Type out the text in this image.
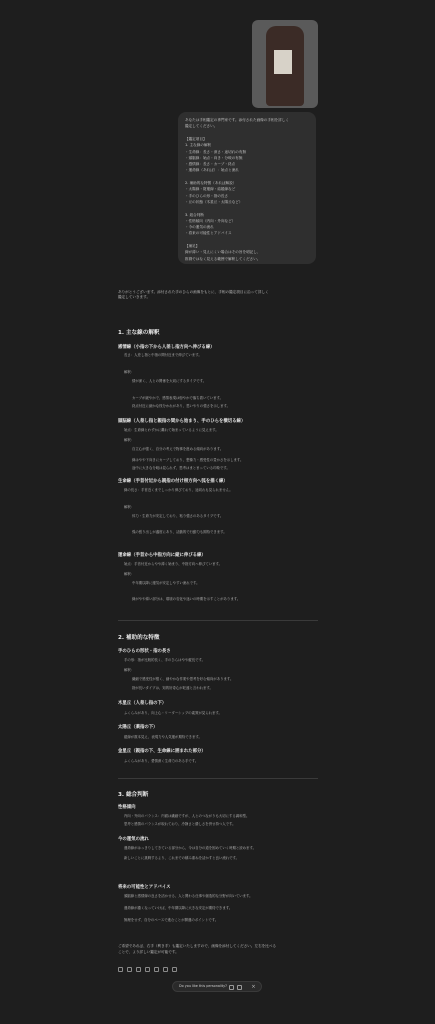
あなたは手相鑑定の専門家です。添付された画像の手相を詳しく
鑑定してください。
【鑑定項目】
1. 主な線の解釈
・生命線：長さ・深さ・途切れの有無
・頭脳線：始点・向き・分岐の有無
・感情線：長さ・カーブ・終点
・運命線（あれば）：始点と流れ
2. 補助的な特徴（あれば解説）
・太陽線・財運線・結婚線など
・手のひらの形・指の長さ
・丘の状態（木星丘・太陽丘など）
3. 総合判断
・性格傾向（内向・外向など）
・今の運気の流れ
・将来の可能性とアドバイス
【補足】
線が薄い・見えにくい場合はその旨を明記し、
推測ではなく見える範囲で解釈してください。
ありがとうございます。添付された手のひらの画像をもとに、手相の鑑定項目に沿って詳しく
鑑定していきます。
1. 主な線の解釈
感情線（小指の下から人差し指方向へ伸びる線）
長さ：人差し指と中指の間付近まで伸びています。
解釈：
情が深く、人との関係を大切にするタイプです。
カーブが緩やかで、感情表現は穏やかで落ち着いています。
終点付近に細かな枝分かれがあり、思いやりの強さを示します。
頭脳線（人差し指と親指の間から始まり、手のひらを横切る線）
始点：生命線とわずかに離れて始まっているように見えます。
解釈：
自立心が強く、自分の考えで物事を進める傾向があります。
線はやや下向きにカーブしており、想像力・感受性の豊かさを示します。
途中に大きな分岐は見られず、思考はまとまっている印象です。
生命線（手首付近から親指の付け根方向へ弧を描く線）
線の長さ：手首近くまでしっかり伸びており、途切れも見られません。
解釈：
体力・生命力が安定しており、粘り強さのあるタイプです。
弧の張り出しが適度にあり、活動的で行動力も期待できます。
運命線（手首から中指方向に縦に伸びる線）
始点：手首付近からやや薄く始まり、中指方向へ伸びています。
解釈：
中年期以降に運気が安定しやすい流れです。
線がやや薄い部分は、環境の変化や迷いの時期を示すことがあります。
2. 補助的な特徴
手のひらの形状・指の長さ
手の形：指が比較的長く、手のひらはやや縦長です。
解釈：
繊細で感受性が強く、細やかな作業や思考を好む傾向があります。
指が長いタイプは、知的好奇心が旺盛と言われます。
木星丘（人差し指の下）
ふくらみがあり、向上心・リーダーシップの素質が見られます。
太陽丘（薬指の下）
縦線が数本見え、表現力や人気運が期待できます。
金星丘（親指の下、生命線に囲まれた部分）
ふくらみがあり、愛情深く生命力のある手です。
3. 総合判断
性格傾向
内向・外向のバランス：内面は繊細ですが、人とのつながりも大切にする調和型。
思考と感情のバランスが取れており、冷静さと優しさを併せ持つ人です。
今の運気の流れ
運命線がはっきりしてきている部分から、今は自分の道を固めていく時期と読めます。
新しいことに挑戦するより、これまでの積み重ねを活かすと良い流れです。
将来の可能性とアドバイス
頭脳線と感情線の良さを活かせる、人と関わる仕事や創造的な分野が向いています。
運命線が濃くなっていけば、中年期以降に大きな安定が期待できます。
無理をせず、自分のペースで進むことが開運のポイントです。
ご希望であれば、右手（利き手）も鑑定いたしますので、画像を添付してください。左右を比べる
ことで、より詳しい鑑定が可能です。
Do you like this personality?	×
